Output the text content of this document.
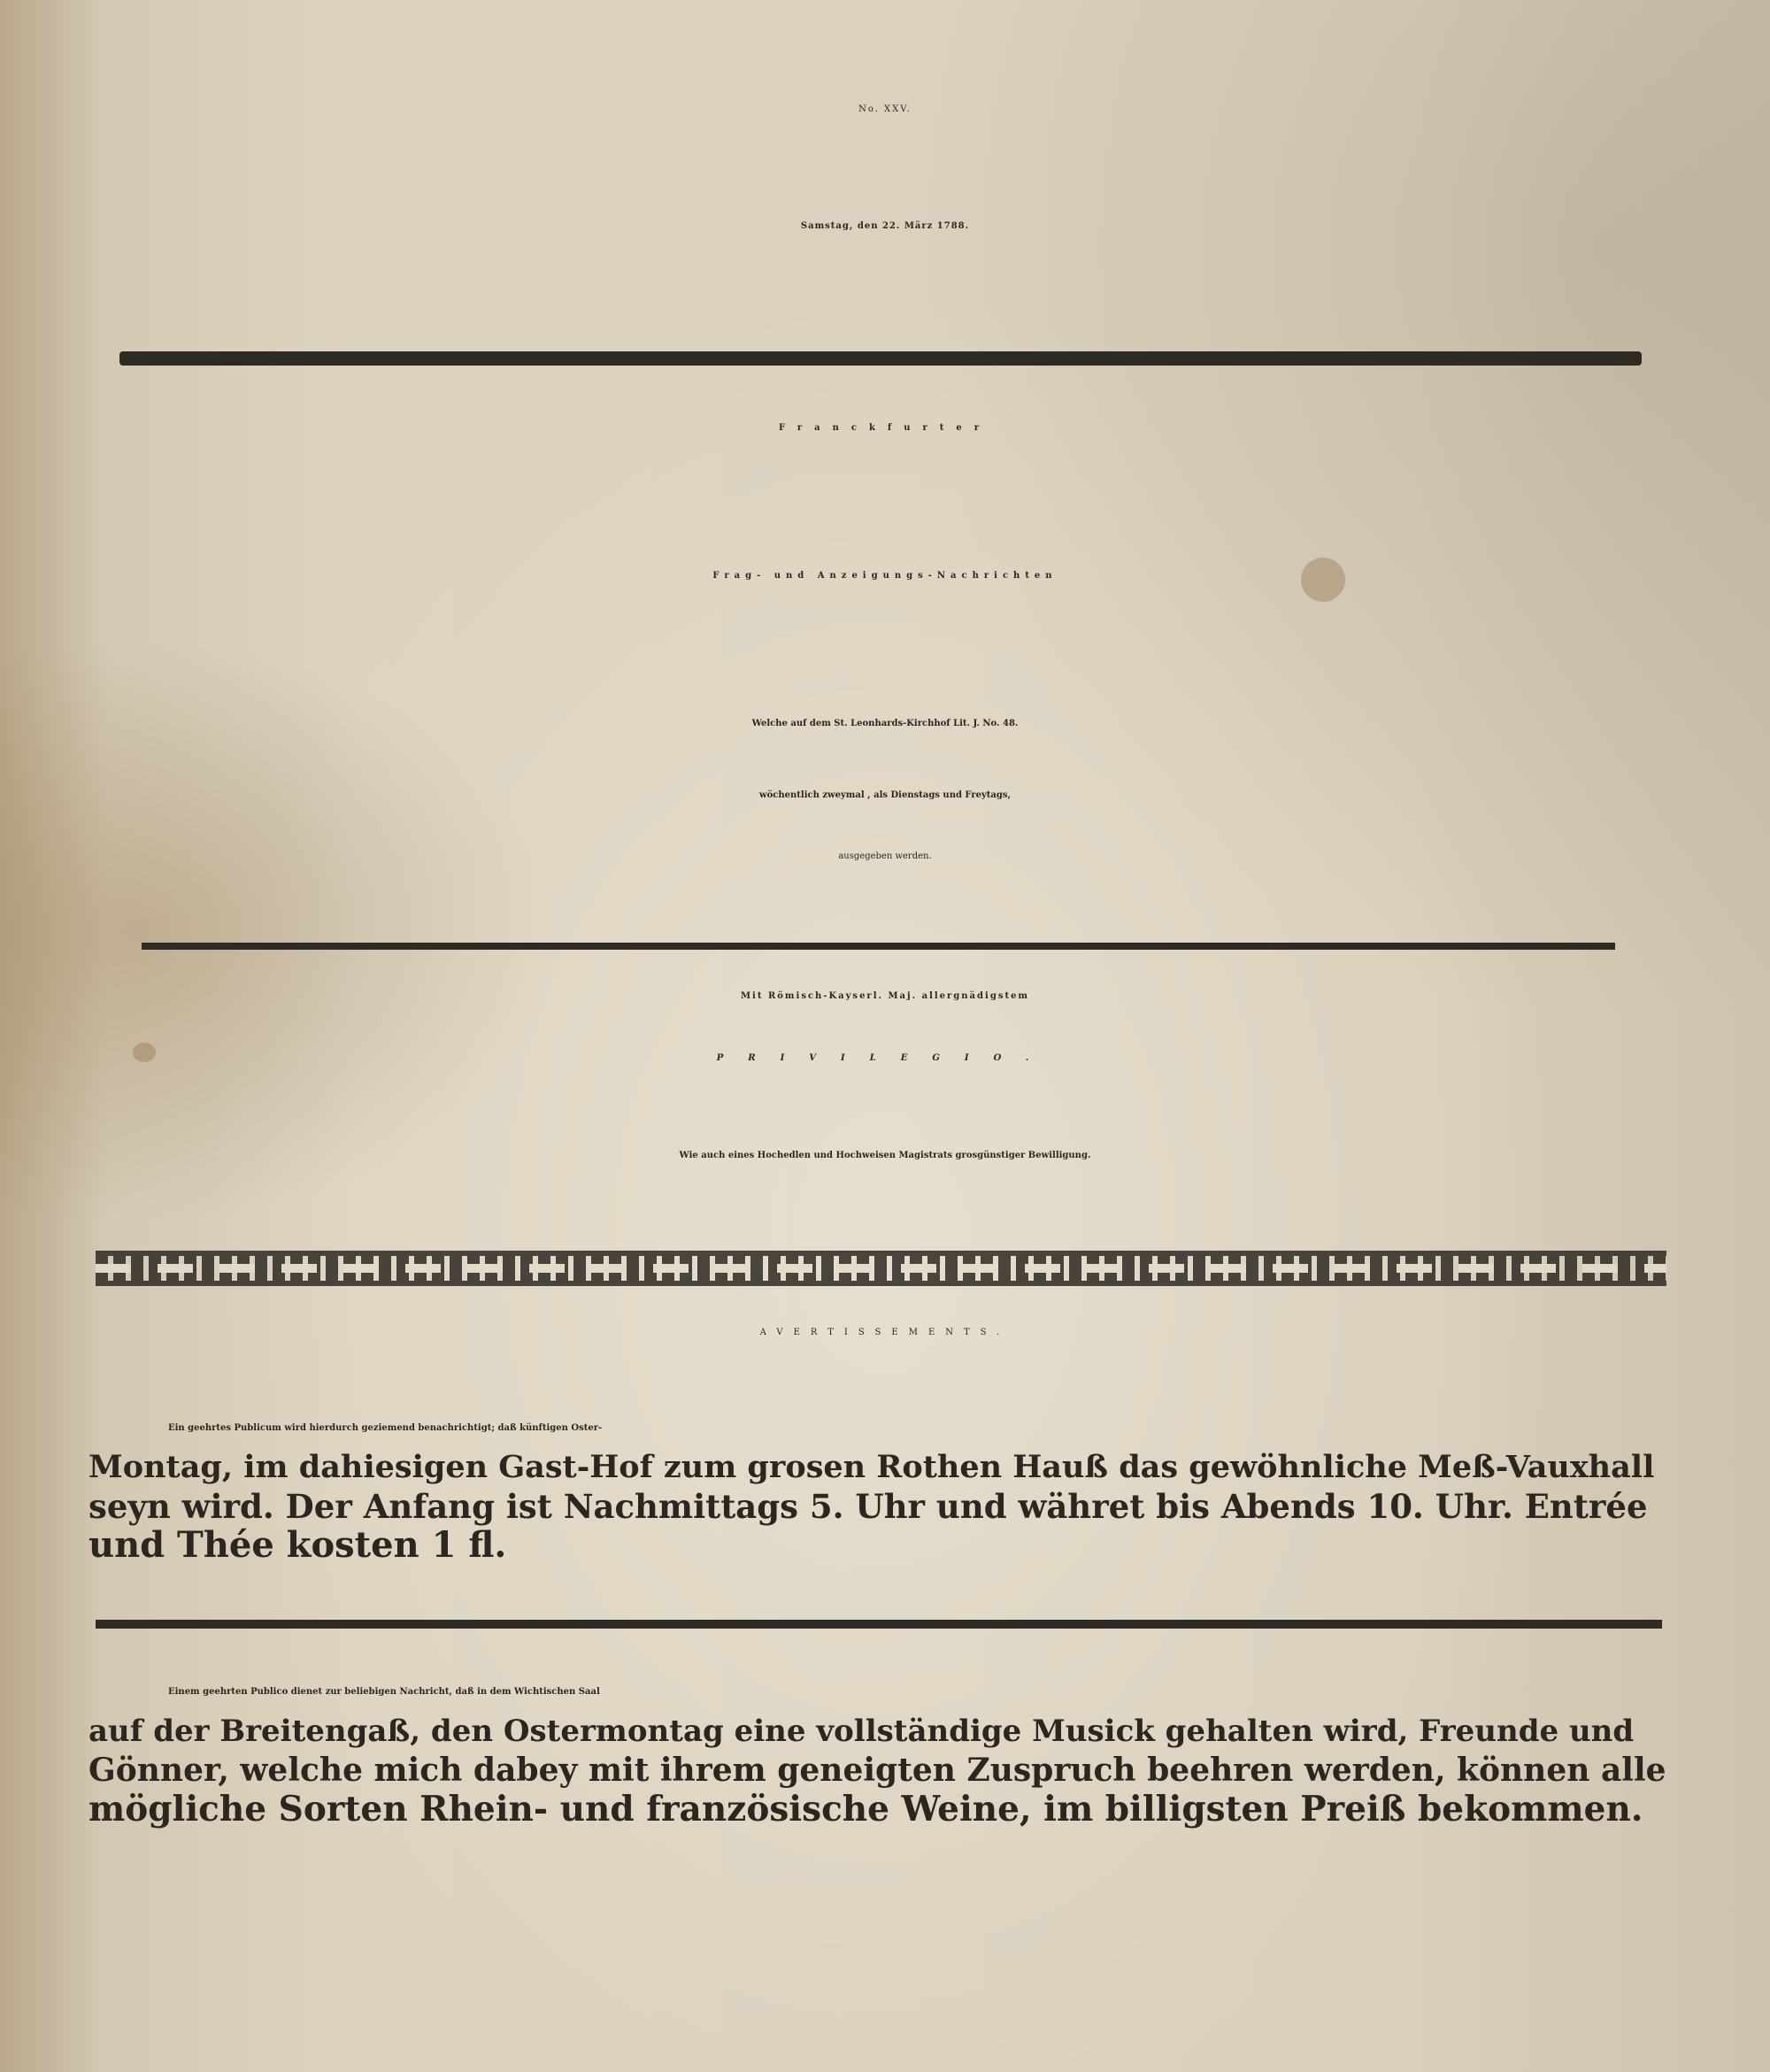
No. XXV.
Samstag, den 22. März 1788.
Franckfurter
Frag- und Anzeigungs-Nachrichten
Welche auf dem St. Leonhards-Kirchhof Lit. J. No. 48.
wöchentlich zweymal , als Dienstags und Freytags,
ausgegeben werden.
Mit Römisch-Kayserl. Maj. allergnädigstem
PRIVILEGIO.
Wie auch eines Hochedlen und Hochweisen Magistrats grosgünstiger Bewilligung.
AVERTISSEMENTS.

Ein geehrtes Publicum wird hierdurch geziemend benachrichtigt; daß künftigen Oster-

Montag, im dahiesigen Gast-Hof zum grosen Rothen Hauß das gewöhnliche Meß-Vauxhall

seyn wird. Der Anfang ist Nachmittags 5. Uhr und währet bis Abends 10. Uhr. Entrée

und Thée kosten 1 fl.

Einem geehrten Publico dienet zur beliebigen Nachricht, daß in dem Wichtischen Saal

auf der Breitengaß, den Ostermontag eine vollständige Musick gehalten wird, Freunde und

Gönner, welche mich dabey mit ihrem geneigten Zuspruch beehren werden, können alle

mögliche Sorten Rhein- und französische Weine, im billigsten Preiß bekommen.
